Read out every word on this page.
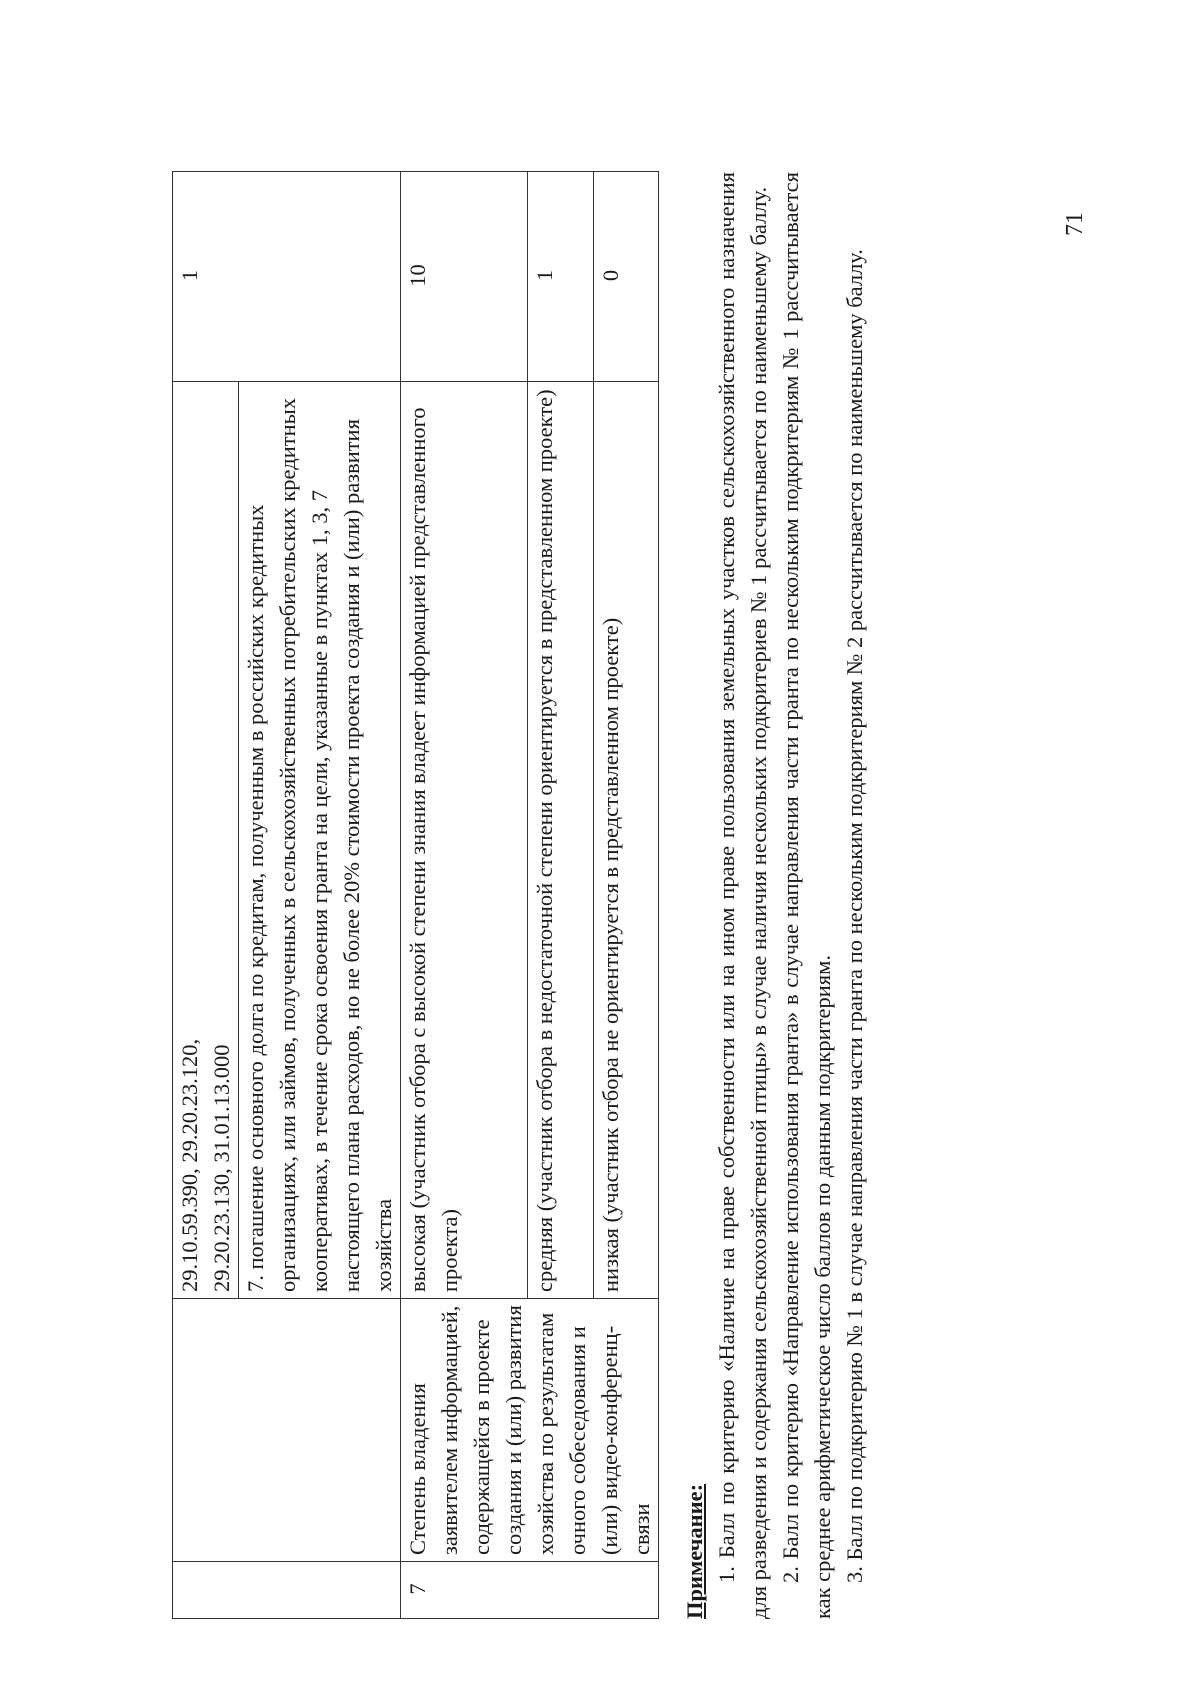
		29.10.59.390, 29.20.23.120, 29.20.23.130, 31.01.13.000	1
		7. погашение основного долга по кредитам, полученным в российских кредитных организациях, или займов, полученных в сельскохозяйственных потребительских кредитных кооперативах, в течение срока освоения гранта на цели, указанные в пунктах 1, 3, 7 настоящего плана расходов, но не более 20% стоимости проекта создания и (или) развития хозяйства	
7	Степень владения заявителем информацией, содержащейся в проекте создания и (или) развития хозяйства по результатам очного собеседования и (или) видео-конференц-связи	высокая (участник отбора с высокой степени знания владеет информацией представленного проекта)	10
		средняя (участник отбора в недостаточной степени ориентируется в представленном проекте)	1
		низкая (участник отбора не ориентируется в представленном проекте)	0
Примечание: 1. Балл по критерию «Наличие на праве собственности или на ином праве пользования земельных участков сельскохозяйственного назначения для разведения и содержания сельскохозяйственной птицы» в случае наличия нескольких подкритериев № 1 рассчитывается по наименьшему баллу. 2. Балл по критерию «Направление использования гранта» в случае направления части гранта по нескольким подкритериям № 1 рассчитывается как среднее арифметическое число баллов по данным подкритериям. 3. Балл по подкритерию № 1 в случае направления части гранта по нескольким подкритериям № 2 рассчитывается по наименьшему баллу.

71
